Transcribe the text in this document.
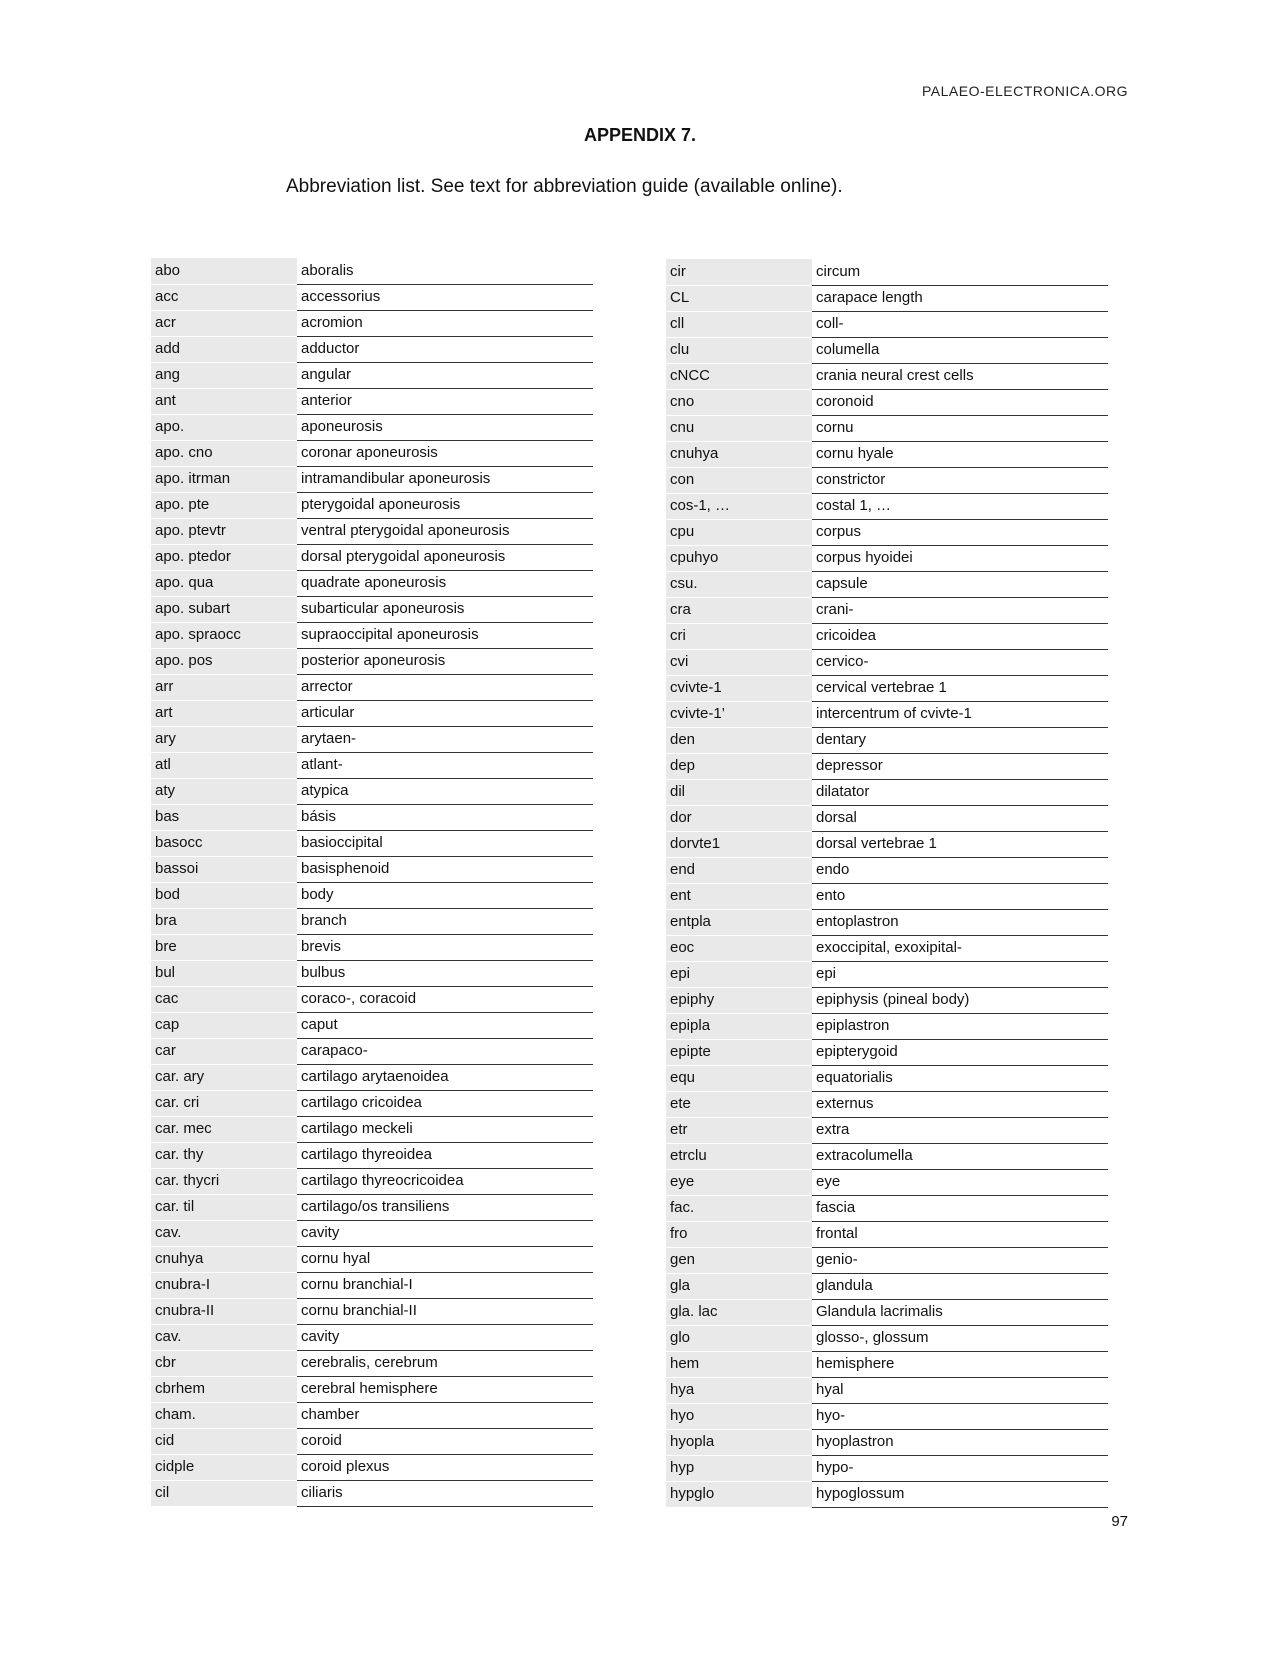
PALAEO-ELECTRONICA.ORG
APPENDIX 7.
Abbreviation list. See text for abbreviation guide (available online).
abo	aboralis
acc	accessorius
acr	acromion
add	adductor
ang	angular
ant	anterior
apo.	aponeurosis
apo. cno	coronar aponeurosis
apo. itrman	intramandibular aponeurosis
apo. pte	pterygoidal aponeurosis
apo. ptevtr	ventral pterygoidal aponeurosis
apo. ptedor	dorsal pterygoidal aponeurosis
apo. qua	quadrate aponeurosis
apo. subart	subarticular aponeurosis
apo. spraocc	supraoccipital aponeurosis
apo. pos	posterior aponeurosis
arr	arrector
art	articular
ary	arytaen-
atl	atlant-
aty	atypica
bas	básis
basocc	basioccipital
bassoi	basisphenoid
bod	body
bra	branch
bre	brevis
bul	bulbus
cac	coraco-, coracoid
cap	caput
car	carapaco-
car. ary	cartilago arytaenoidea
car. cri	cartilago cricoidea
car. mec	cartilago meckeli
car. thy	cartilago thyreoidea
car. thycri	cartilago thyreocricoidea
car. til	cartilago/os transiliens
cav.	cavity
cnuhya	cornu hyal
cnubra-I	cornu branchial-I
cnubra-II	cornu branchial-II
cav.	cavity
cbr	cerebralis, cerebrum
cbrhem	cerebral hemisphere
cham.	chamber
cid	coroid
cidple	coroid plexus
cil	ciliaris
cir	circum
CL	carapace length
cll	coll-
clu	columella
cNCC	crania neural crest cells
cno	coronoid
cnu	cornu
cnuhya	cornu hyale
con	constrictor
cos-1, …	costal 1, …
cpu	corpus
cpuhyo	corpus hyoidei
csu.	capsule
cra	crani-
cri	cricoidea
cvi	cervico-
cvivte-1	cervical vertebrae 1
cvivte-1’	intercentrum of cvivte-1
den	dentary
dep	depressor
dil	dilatator
dor	dorsal
dorvte1	dorsal vertebrae 1
end	endo
ent	ento
entpla	entoplastron
eoc	exoccipital, exoxipital-
epi	epi
epiphy	epiphysis (pineal body)
epipla	epiplastron
epipte	epipterygoid
equ	equatorialis
ete	externus
etr	extra
etrclu	extracolumella
eye	eye
fac.	fascia
fro	frontal
gen	genio-
gla	glandula
gla. lac	Glandula lacrimalis
glo	glosso-, glossum
hem	hemisphere
hya	hyal
hyo	hyo-
hyopla	hyoplastron
hyp	hypo-
hypglo	hypoglossum
97
